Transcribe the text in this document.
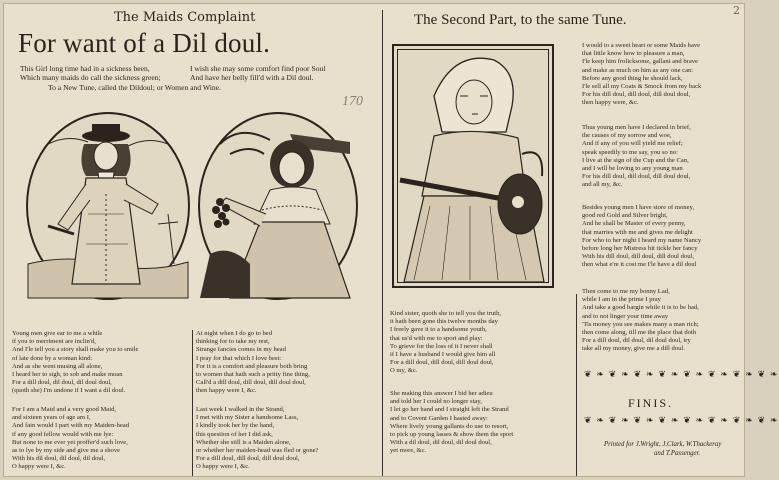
The Maids Complaint
For want of a Dil doul.
The Second Part, to the same Tune.
2
This Girl long time had in a sickness been,
Which many maids do call the sickness green;
I wish she may some comfort find poor Soul
And have her belly fill'd with a Dil doul.
To a New Tune, called the Dildoul; or Women and Wine.
170
Young men give ear to me a while
if you to merriment are inclin'd,
And I'le tell you a story shall make you to smile
of late done by a woman kind:
And as she went musing all alone,
I heard her to sigh, to sob and make moan
For a dill doul, dil doul, dil doul doul,
(quoth she) I'm undone if I want a dil doul.
For I am a Maid and a very good Maid,
and sixteen years of age am I,
And fain would I part with my Maiden-head
if any good fellow would with me lye:
But none to me ever yet proffer'd such love,
as to lye by my side and give me a shove
With his dil doul, dil doul, dil doul,
O happy were I, &c.
At night when I do go to bed
thinking for to take my rest,
Strange fancies comes in my head
I pray for that which I love best:
For it is a comfort and pleasure both bring
to women that hath such a pritty fine thing,
Call'd a dill doul, dill doul, dill doul doul,
then happy were I, &c.
Last week I walked in the Strand,
I met with my Sister a handsome Lass,
I kindly took her by the hand,
this question of her I did ask,
Whether she still is a Maiden alone,
or whether her maiden-head was fled or gone?
For a dill doul, dill doul, dill doul doul,
O happy were I, &c.
Kind sister, quoth she to tell you the truth,
it hath been gone this twelve months day
I freely gave it to a handsome youth,
that us'd with me to sport and play:
To grieve for the loss of it I never shall
if I have a husband I would give him all
For a dill doul, dill doul, dill doul doul,
O my, &c.
She making this answer I bid her adieu
and told her I could no longer stay,
I let go her hand and I straight left the Strand
and to Covent Garden I hasted away:
Where lively young gallants do use to resort,
to pick up young lasses & show them the sport
With a dil doul, dil doul, dil doul doul,
yet more, &c.
I would to a sweet heart or some Maids have
that little know how to pleasure a man,
I'le keep him frolicksome, gallant and brave
and make as much on him as any one can:
Before any good thing he should lack,
I'le sell all my Coats & Smock from my back
For his dill doul, dill doul, dill doul doul,
then happy were, &c.
Thus young men have I declared in brief,
the causes of my sorrow and woe,
And if any of you will yield me relief;
speak speedily to me say, you so no:
I live at the sign of the Cup and the Can,
and I will be loving to any young man
For his dill doul, dill doul, dill doul doul,
and all my, &c.
Besides young men I have store of money,
good red Gold and Silver bright,
And he shall be Master of every penny,
that marries with me and gives me delight
For who to her night I heard my name Nancy
before long her Mistress hit tickle her fancy
With his dill doul, dill doul, dill doul doul,
then what e're it cost me I'le have a dil doul
Then come to me my bonny Lad,
while I am in the prime I pray
And take a good bargin while it is to be had,
and to not linger your time away
'Tis money you see makes many a man rich;
then come along, till me the place that doth
For a dill doul, dil doul, dil doul doul, try
take all my money, give me a dill doul.
❦ ❧ ❦ ❧ ❦ ❧ ❦ ❧ ❦ ❧ ❦ ❧ ❦ ❧ ❦ ❧
FINIS.
❦ ❧ ❦ ❧ ❦ ❧ ❦ ❧ ❦ ❧ ❦ ❧ ❦ ❧ ❦ ❧
Printed for J.Wright, J.Clark, W.Thackeray
and T.Passenger.
